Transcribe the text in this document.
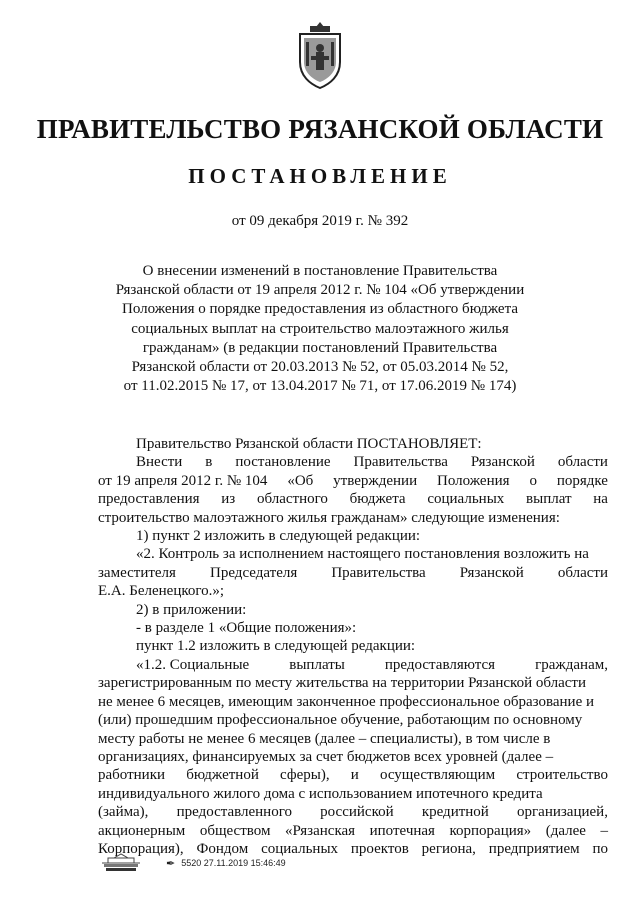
ПРАВИТЕЛЬСТВО РЯЗАНСКОЙ ОБЛАСТИ
ПОСТАНОВЛЕНИЕ
от 09 декабря 2019 г. № 392
О внесении изменений в постановление Правительства
Рязанской области от 19 апреля 2012 г. № 104 «Об утверждении
Положения о порядке предоставления из областного бюджета
социальных выплат на строительство малоэтажного жилья
гражданам» (в редакции постановлений Правительства
Рязанской области от 20.03.2013 № 52, от 05.03.2014 № 52,
от 11.02.2015 № 17, от 13.04.2017 № 71, от 17.06.2019 № 174)
Правительство Рязанской области ПОСТАНОВЛЯЕТ:
Внести в постановление Правительства Рязанской области
от 19 апреля 2012 г. № 104 «Об утверждении Положения о порядке
предоставления из областного бюджета социальных выплат на
строительство малоэтажного жилья гражданам» следующие изменения:
1) пункт 2 изложить в следующей редакции:
«2. Контроль за исполнением настоящего постановления возложить на
заместителя Председателя Правительства Рязанской области
Е.А. Беленецкого.»;
2) в приложении:
- в разделе 1 «Общие положения»:
пункт 1.2 изложить в следующей редакции:
«1.2. Социальные	выплаты	предоставляются	гражданам,
зарегистрированным по месту жительства на территории Рязанской области
не менее 6 месяцев, имеющим законченное профессиональное образование и
(или) прошедшим профессиональное обучение, работающим по основному
месту работы не менее 6 месяцев (далее – специалисты), в том числе в
организациях, финансируемых за счет бюджетов всех уровней (далее –
работники бюджетной сферы), и осуществляющим строительство
индивидуального жилого дома с использованием ипотечного кредита
(займа), предоставленного российской кредитной организацией,
акционерным обществом «Рязанская ипотечная корпорация» (далее –
Корпорация), Фондом социальных проектов региона, предприятием по
✒ 5520 27.11.2019 15:46:49
